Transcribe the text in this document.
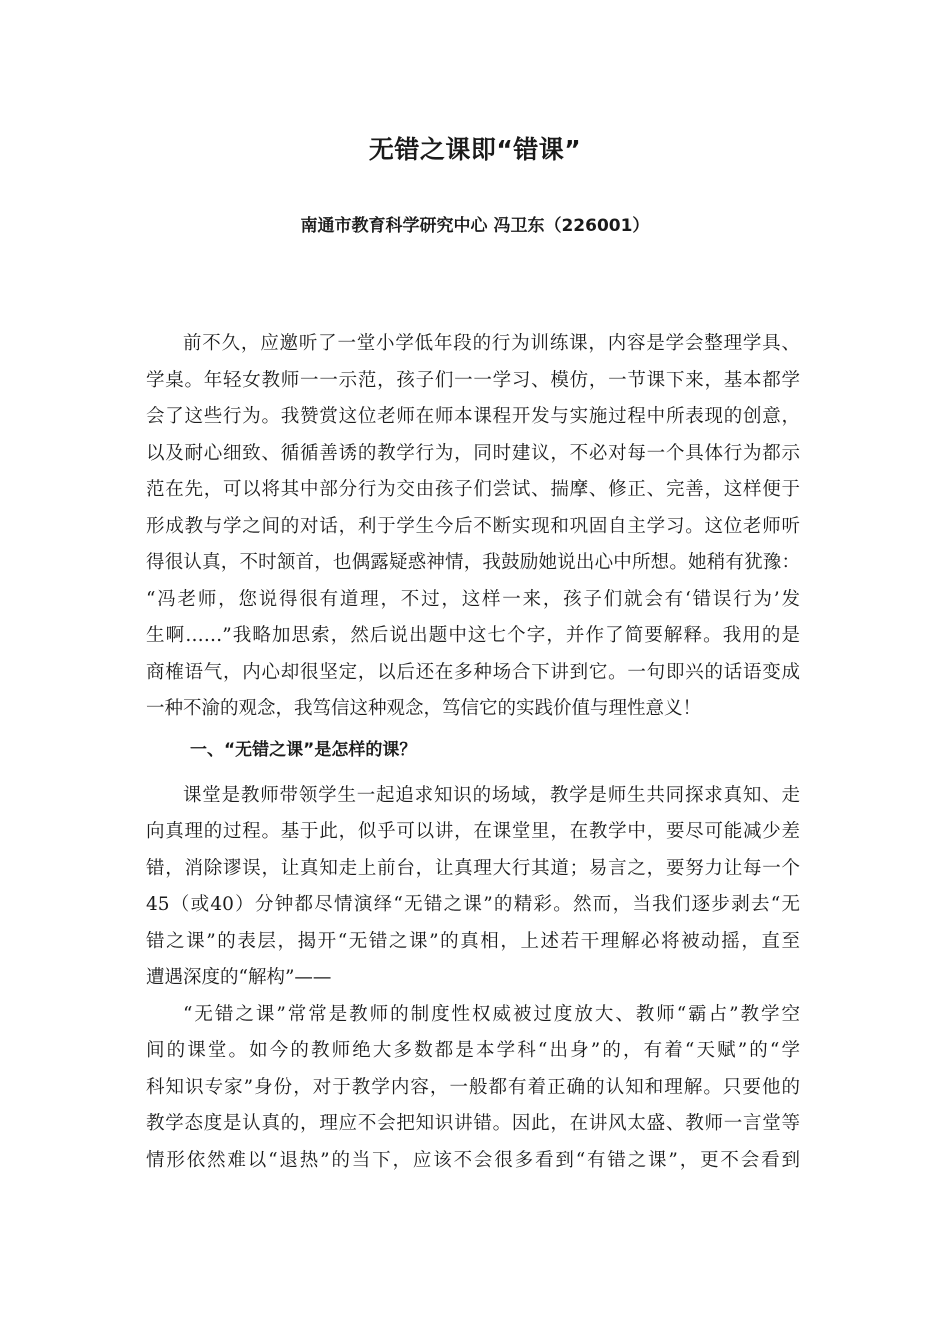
无错之课即“错课”

南通市教育科学研究中心 冯卫东（226001）

前不久，应邀听了一堂小学低年段的行为训练课，内容是学会整理学具、
学桌。年轻女教师一一示范，孩子们一一学习、模仿，一节课下来，基本都学
会了这些行为。我赞赏这位老师在师本课程开发与实施过程中所表现的创意，
以及耐心细致、循循善诱的教学行为，同时建议，不必对每一个具体行为都示
范在先，可以将其中部分行为交由孩子们尝试、揣摩、修正、完善，这样便于
形成教与学之间的对话，利于学生今后不断实现和巩固自主学习。这位老师听
得很认真，不时颔首，也偶露疑惑神情，我鼓励她说出心中所想。她稍有犹豫：
“冯老师，您说得很有道理，不过，这样一来，孩子们就会有‘错误行为’发
生啊……”我略加思索，然后说出题中这七个字，并作了简要解释。我用的是
商榷语气，内心却很坚定，以后还在多种场合下讲到它。一句即兴的话语变成
一种不渝的观念，我笃信这种观念，笃信它的实践价值与理性意义！
一、“无错之课”是怎样的课？
课堂是教师带领学生一起追求知识的场域，教学是师生共同探求真知、走
向真理的过程。基于此，似乎可以讲，在课堂里，在教学中，要尽可能减少差
错，消除谬误，让真知走上前台，让真理大行其道；易言之，要努力让每一个
45（或40）分钟都尽情演绎“无错之课”的精彩。然而，当我们逐步剥去“无
错之课”的表层，揭开“无错之课”的真相，上述若干理解必将被动摇，直至
遭遇深度的“解构”——
“无错之课”常常是教师的制度性权威被过度放大、教师“霸占”教学空
间的课堂。如今的教师绝大多数都是本学科“出身”的，有着“天赋”的“学
科知识专家”身份，对于教学内容，一般都有着正确的认知和理解。只要他的
教学态度是认真的，理应不会把知识讲错。因此，在讲风太盛、教师一言堂等
情形依然难以“退热”的当下，应该不会很多看到“有错之课”，更不会看到
